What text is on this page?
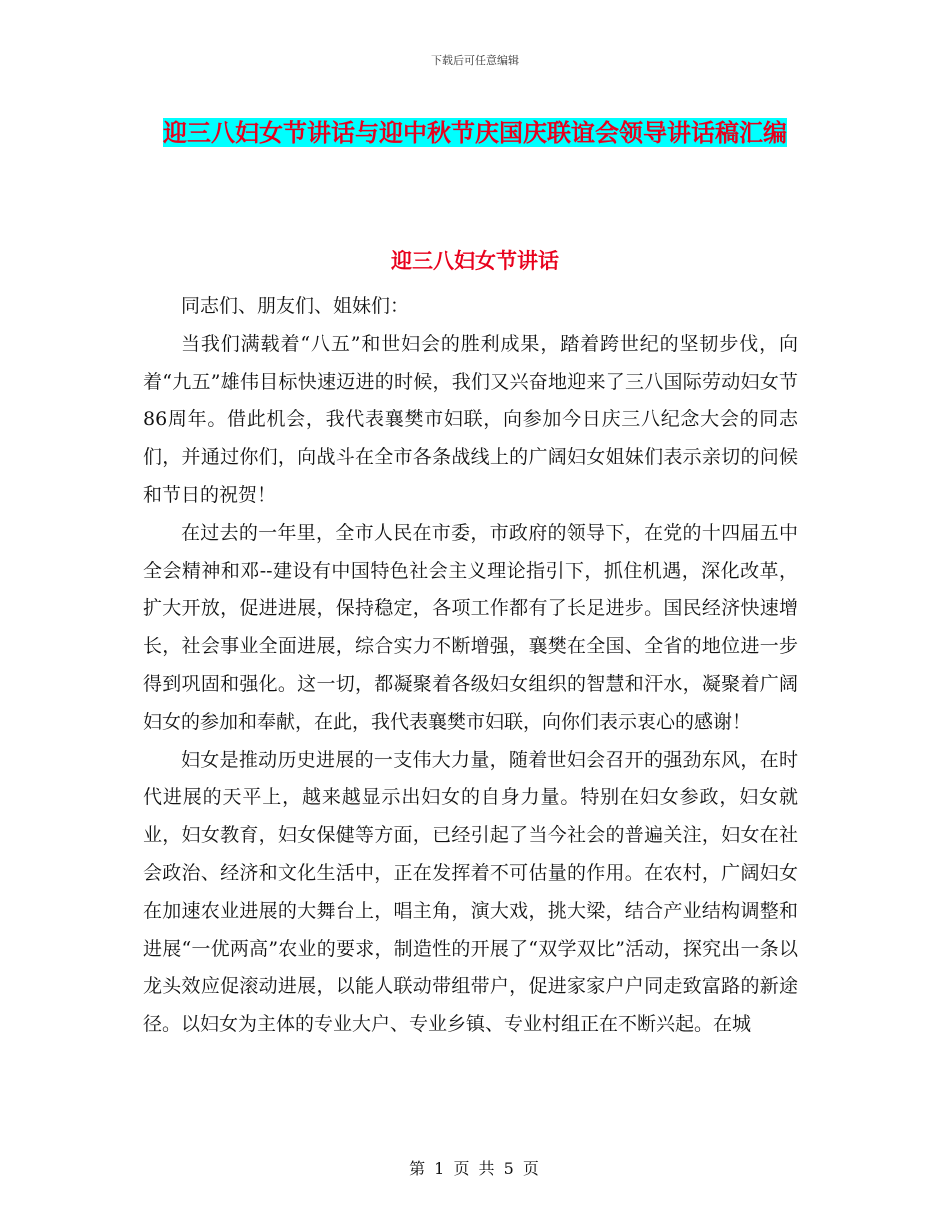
下载后可任意编辑
迎三八妇女节讲话与迎中秋节庆国庆联谊会领导讲话稿汇编
迎三八妇女节讲话

同志们、朋友们、姐妹们：

当我们满载着“八五”和世妇会的胜利成果，踏着跨世纪的坚韧步伐，向着“九五”雄伟目标快速迈进的时候，我们又兴奋地迎来了三八国际劳动妇女节86周年。借此机会，我代表襄樊市妇联，向参加今日庆三八纪念大会的同志们，并通过你们，向战斗在全市各条战线上的广阔妇女姐妹们表示亲切的问候和节日的祝贺！

在过去的一年里，全市人民在市委，市政府的领导下，在党的十四届五中全会精神和邓--建设有中国特色社会主义理论指引下，抓住机遇，深化改革，扩大开放，促进进展，保持稳定，各项工作都有了长足进步。国民经济快速增长，社会事业全面进展，综合实力不断增强，襄樊在全国、全省的地位进一步得到巩固和强化。这一切，都凝聚着各级妇女组织的智慧和汗水，凝聚着广阔妇女的参加和奉献，在此，我代表襄樊市妇联，向你们表示衷心的感谢！

妇女是推动历史进展的一支伟大力量，随着世妇会召开的强劲东风，在时代进展的天平上，越来越显示出妇女的自身力量。特别在妇女参政，妇女就业，妇女教育，妇女保健等方面，已经引起了当今社会的普遍关注，妇女在社会政治、经济和文化生活中，正在发挥着不可估量的作用。在农村，广阔妇女在加速农业进展的大舞台上，唱主角，演大戏，挑大梁，结合产业结构调整和进展“一优两高”农业的要求，制造性的开展了“双学双比”活动，探究出一条以龙头效应促滚动进展，以能人联动带组带户，促进家家户户同走致富路的新途径。以妇女为主体的专业大户、专业乡镇、专业村组正在不断兴起。在城

第 1 页 共 5 页
